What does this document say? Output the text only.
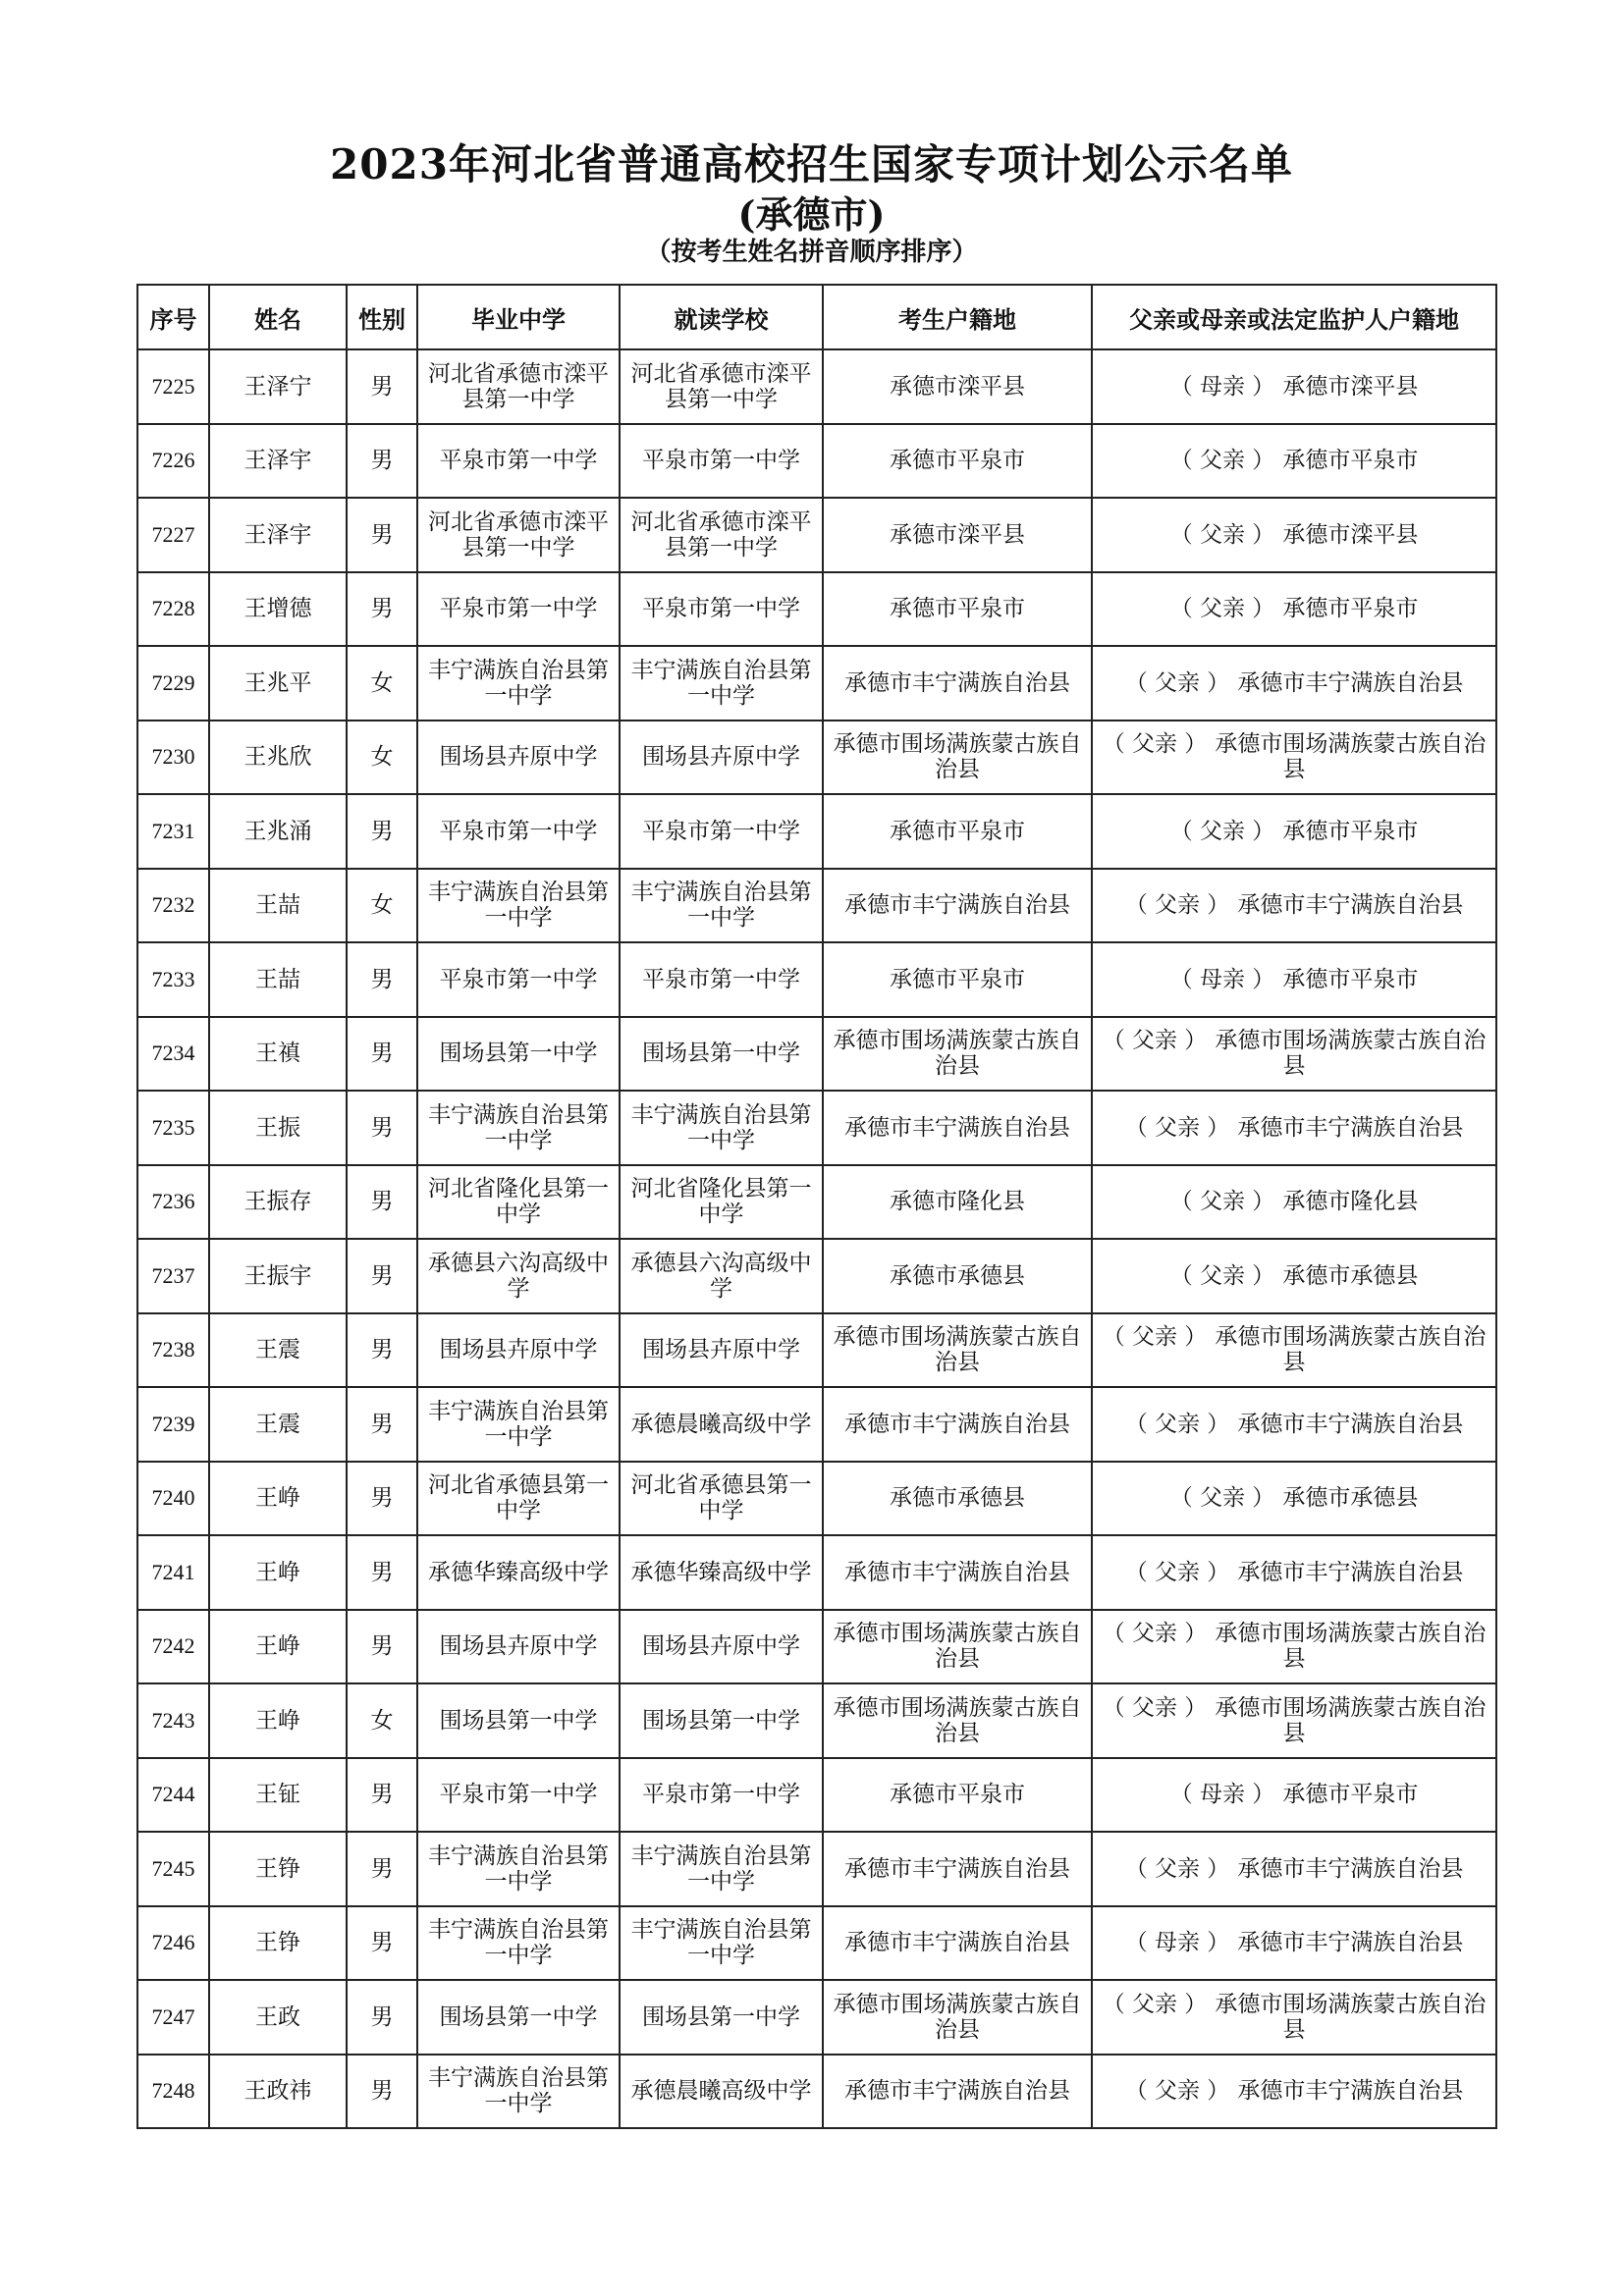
2023年河北省普通高校招生国家专项计划公示名单
(承德市)
（按考生姓名拼音顺序排序）
序号	姓名	性别	毕业中学	就读学校	考生户籍地	父亲或母亲或法定监护人户籍地
7225	王泽宁	男	河北省承德市滦平县第一中学	河北省承德市滦平县第一中学	承德市滦平县	（ 母亲 ） 承德市滦平县
7226	王泽宇	男	平泉市第一中学	平泉市第一中学	承德市平泉市	（ 父亲 ） 承德市平泉市
7227	王泽宇	男	河北省承德市滦平县第一中学	河北省承德市滦平县第一中学	承德市滦平县	（ 父亲 ） 承德市滦平县
7228	王增德	男	平泉市第一中学	平泉市第一中学	承德市平泉市	（ 父亲 ） 承德市平泉市
7229	王兆平	女	丰宁满族自治县第一中学	丰宁满族自治县第一中学	承德市丰宁满族自治县	（ 父亲 ） 承德市丰宁满族自治县
7230	王兆欣	女	围场县卉原中学	围场县卉原中学	承德市围场满族蒙古族自治县	（ 父亲 ） 承德市围场满族蒙古族自治县
7231	王兆涌	男	平泉市第一中学	平泉市第一中学	承德市平泉市	（ 父亲 ） 承德市平泉市
7232	王喆	女	丰宁满族自治县第一中学	丰宁满族自治县第一中学	承德市丰宁满族自治县	（ 父亲 ） 承德市丰宁满族自治县
7233	王喆	男	平泉市第一中学	平泉市第一中学	承德市平泉市	（ 母亲 ） 承德市平泉市
7234	王禛	男	围场县第一中学	围场县第一中学	承德市围场满族蒙古族自治县	（ 父亲 ） 承德市围场满族蒙古族自治县
7235	王振	男	丰宁满族自治县第一中学	丰宁满族自治县第一中学	承德市丰宁满族自治县	（ 父亲 ） 承德市丰宁满族自治县
7236	王振存	男	河北省隆化县第一中学	河北省隆化县第一中学	承德市隆化县	（ 父亲 ） 承德市隆化县
7237	王振宇	男	承德县六沟高级中学	承德县六沟高级中学	承德市承德县	（ 父亲 ） 承德市承德县
7238	王震	男	围场县卉原中学	围场县卉原中学	承德市围场满族蒙古族自治县	（ 父亲 ） 承德市围场满族蒙古族自治县
7239	王震	男	丰宁满族自治县第一中学	承德晨曦高级中学	承德市丰宁满族自治县	（ 父亲 ） 承德市丰宁满族自治县
7240	王峥	男	河北省承德县第一中学	河北省承德县第一中学	承德市承德县	（ 父亲 ） 承德市承德县
7241	王峥	男	承德华臻高级中学	承德华臻高级中学	承德市丰宁满族自治县	（ 父亲 ） 承德市丰宁满族自治县
7242	王峥	男	围场县卉原中学	围场县卉原中学	承德市围场满族蒙古族自治县	（ 父亲 ） 承德市围场满族蒙古族自治县
7243	王峥	女	围场县第一中学	围场县第一中学	承德市围场满族蒙古族自治县	（ 父亲 ） 承德市围场满族蒙古族自治县
7244	王钲	男	平泉市第一中学	平泉市第一中学	承德市平泉市	（ 母亲 ） 承德市平泉市
7245	王铮	男	丰宁满族自治县第一中学	丰宁满族自治县第一中学	承德市丰宁满族自治县	（ 父亲 ） 承德市丰宁满族自治县
7246	王铮	男	丰宁满族自治县第一中学	丰宁满族自治县第一中学	承德市丰宁满族自治县	（ 母亲 ） 承德市丰宁满族自治县
7247	王政	男	围场县第一中学	围场县第一中学	承德市围场满族蒙古族自治县	（ 父亲 ） 承德市围场满族蒙古族自治县
7248	王政祎	男	丰宁满族自治县第一中学	承德晨曦高级中学	承德市丰宁满族自治县	（ 父亲 ） 承德市丰宁满族自治县
